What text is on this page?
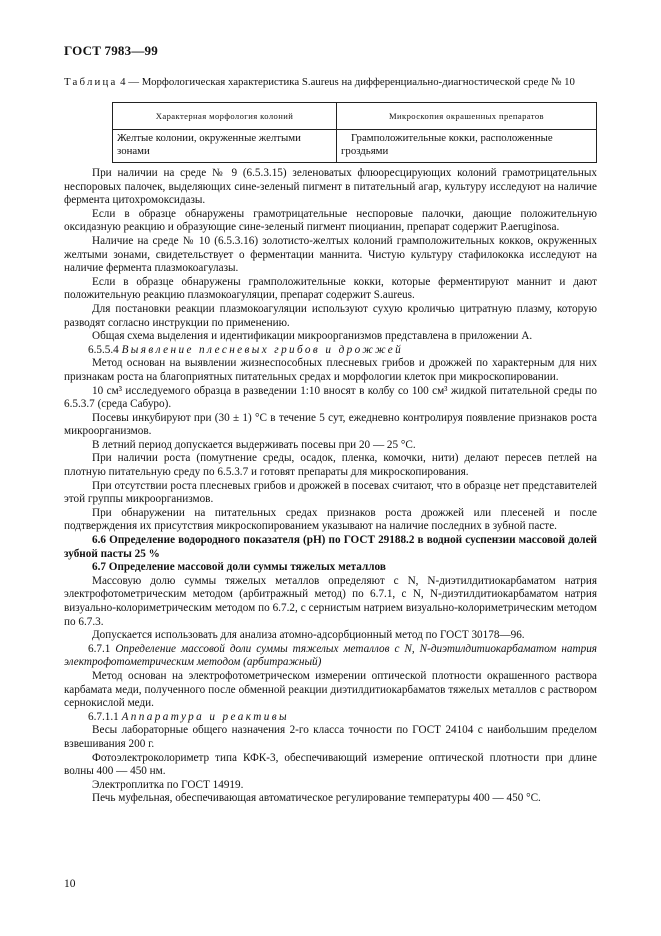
ГОСТ 7983—99
Таблица 4 — Морфологическая характеристика S.aureus на дифференциально-диагностической среде № 10
Характерная морфология колоний	Микроскопия окрашенных препаратов
Желтые колонии, окруженные желтыми зонами	Грамположительные кокки, расположенные гроздьями

При наличии на среде № 9 (6.5.3.15) зеленоватых флюоресцирующих колоний грамотрицательных неспоровых палочек, выделяющих сине-зеленый пигмент в питательный агар, культуру исследуют на наличие фермента цитохромоксидазы.

Если в образце обнаружены грамотрицательные неспоровые палочки, дающие положительную оксидазную реакцию и образующие сине-зеленый пигмент пиоцианин, препарат содержит P.aeruginosa.

Наличие на среде № 10 (6.5.3.16) золотисто-желтых колоний грамположительных кокков, окруженных желтыми зонами, свидетельствует о ферментации маннита. Чистую культуру стафилококка исследуют на наличие фермента плазмокоагулазы.

Если в образце обнаружены грамположительные кокки, которые ферментируют маннит и дают положительную реакцию плазмокоагуляции, препарат содержит S.aureus.

Для постановки реакции плазмокоагуляции используют сухую кроличью цитратную плазму, которую разводят согласно инструкции по применению.

Общая схема выделения и идентификации микроорганизмов представлена в приложении А.

6.5.5.4 Выявление плесневых грибов и дрожжей

Метод основан на выявлении жизнеспособных плесневых грибов и дрожжей по характерным для них признакам роста на благоприятных питательных средах и морфологии клеток при микроскопировании.

10 см³ исследуемого образца в разведении 1:10 вносят в колбу со 100 см³ жидкой питательной среды по 6.5.3.7 (среда Сабуро).

Посевы инкубируют при (30 ± 1) °С в течение 5 сут, ежедневно контролируя появление признаков роста микроорганизмов.

В летний период допускается выдерживать посевы при 20 — 25 °С.

При наличии роста (помутнение среды, осадок, пленка, комочки, нити) делают пересев петлей на плотную питательную среду по 6.5.3.7 и готовят препараты для микроскопирования.

При отсутствии роста плесневых грибов и дрожжей в посевах считают, что в образце нет представителей этой группы микроорганизмов.

При обнаружении на питательных средах признаков роста дрожжей или плесеней и после подтверждения их присутствия микроскопированием указывают на наличие последних в зубной пасте.

6.6 Определение водородного показателя (рН) по ГОСТ 29188.2 в водной суспензии массовой долей зубной пасты 25 %

6.7 Определение массовой доли суммы тяжелых металлов

Массовую долю суммы тяжелых металлов определяют с N, N-диэтилдитиокарбаматом натрия электрофотометрическим методом (арбитражный метод) по 6.7.1, с N, N-диэтилдитиокарбаматом натрия визуально-колориметрическим методом по 6.7.2, с сернистым натрием визуально-колориметрическим методом по 6.7.3.

Допускается использовать для анализа атомно-адсорбционный метод по ГОСТ 30178—96.

6.7.1 Определение массовой доли суммы тяжелых металлов с N, N-диэтилдитиокарбаматом натрия электрофотометрическим методом (арбитражный)

Метод основан на электрофотометрическом измерении оптической плотности окрашенного раствора карбамата меди, полученного после обменной реакции диэтилдитиокарбаматов тяжелых металлов с раствором сернокислой меди.

6.7.1.1 Аппаратура и реактивы

Весы лабораторные общего назначения 2-го класса точности по ГОСТ 24104 с наибольшим пределом взвешивания 200 г.

Фотоэлектроколориметр типа КФК-3, обеспечивающий измерение оптической плотности при длине волны 400 — 450 нм.

Электроплитка по ГОСТ 14919.

Печь муфельная, обеспечивающая автоматическое регулирование температуры 400 — 450 °С.

10
